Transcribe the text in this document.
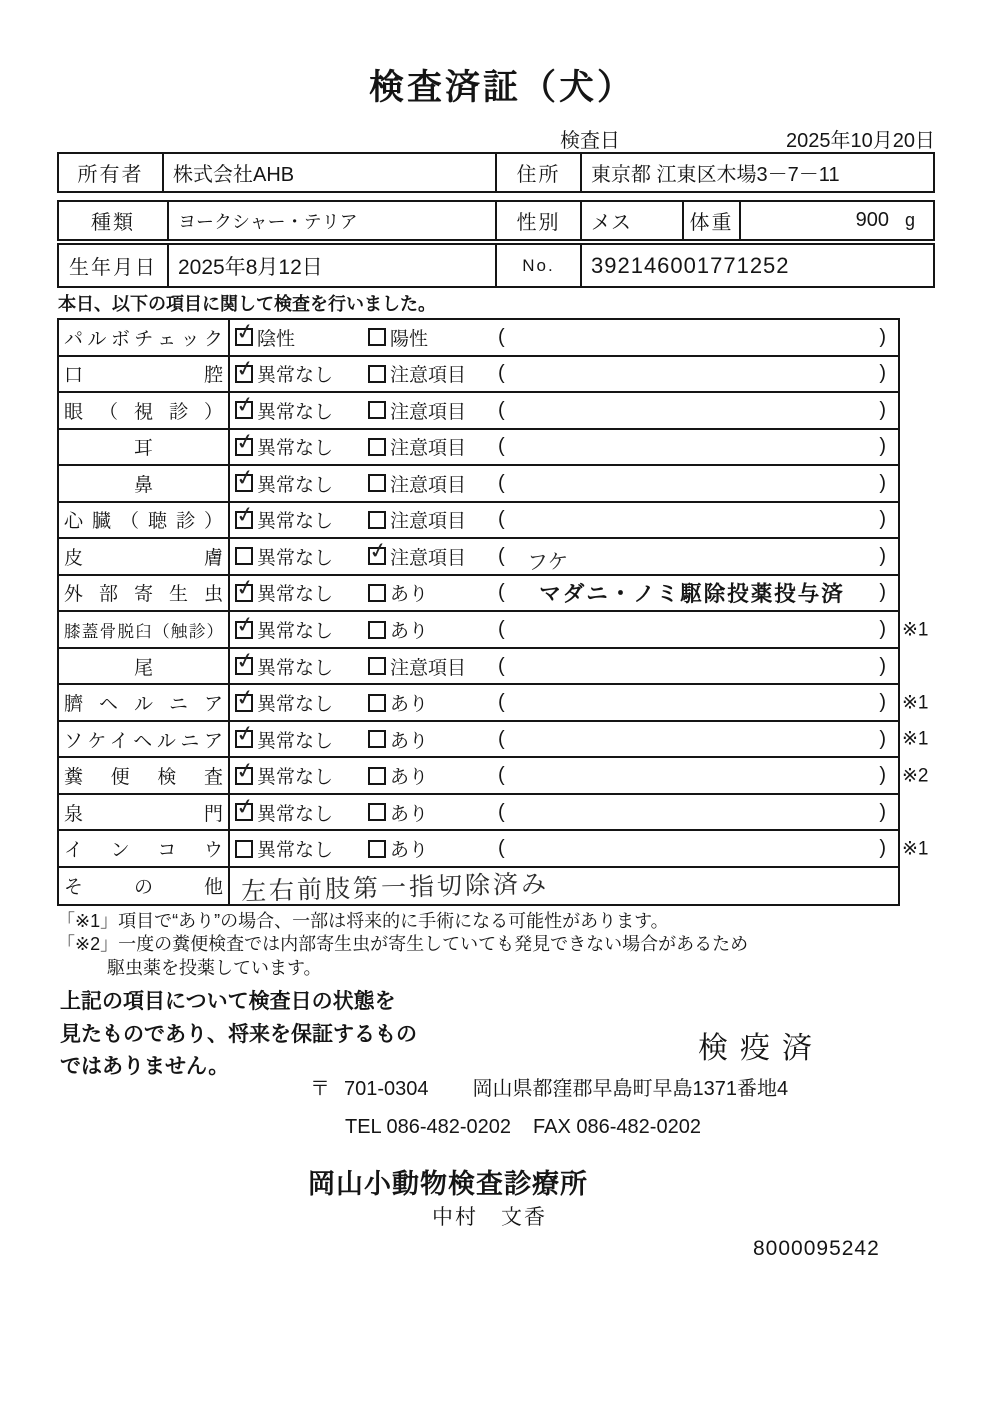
検査済証（犬）
検査日	2025年10月20日
所有者	株式会社AHB	住所	東京都 江東区木場3－7－11
種類	ヨークシャー・テリア	性別	メス	体重	900 g
生年月日	2025年8月12日	No.	392146001771252
本日、以下の項目に関して検査を行いました。
パルボチェック ✓ 陰性	陽性	(	)
口腔 ✓ 異常なし	注意項目 (	)
眼（視診） ✓ 異常なし	注意項目 (	)
耳 ✓	異常なし	注意項目 (	)
鼻 ✓	異常なし	注意項目 (	)
心臓（聴診） ✓ 異常なし	注意項目 (	)
皮膚 異常なし ✓	注意項目 (	フケ	)
外部寄生虫 ✓ 異常なし	あり	(	マダニ・ノミ駆除投薬投与済	)
膝蓋骨脱臼（触診） ✓ 異常なし	あり	(	) ※1
尾 ✓	異常なし	注意項目 (	)
臍ヘルニア ✓ 異常なし	あり	(	) ※1
ソケイヘルニア ✓ 異常なし	あり	(	) ※1
糞便検査 ✓ 異常なし	あり	(	) ※2
泉門 ✓ 異常なし	あり	(	)
インコウ 異常なし	あり	(	) ※1
その他 左右前肢第一指切除済み
「※1」項目で“あり”の場合、一部は将来的に手術になる可能性があります。
「※2」一度の糞便検査では内部寄生虫が寄生していても発見できない場合があるため
駆虫薬を投薬しています。
上記の項目について検査日の状態を
見たものであり、将来を保証するもの
ではありません。
検疫済
〒 701-0304 岡山県都窪郡早島町早島1371番地4
TEL 086-482-0202 FAX 086-482-0202
岡山小動物検査診療所
中村　文香
8000095242
